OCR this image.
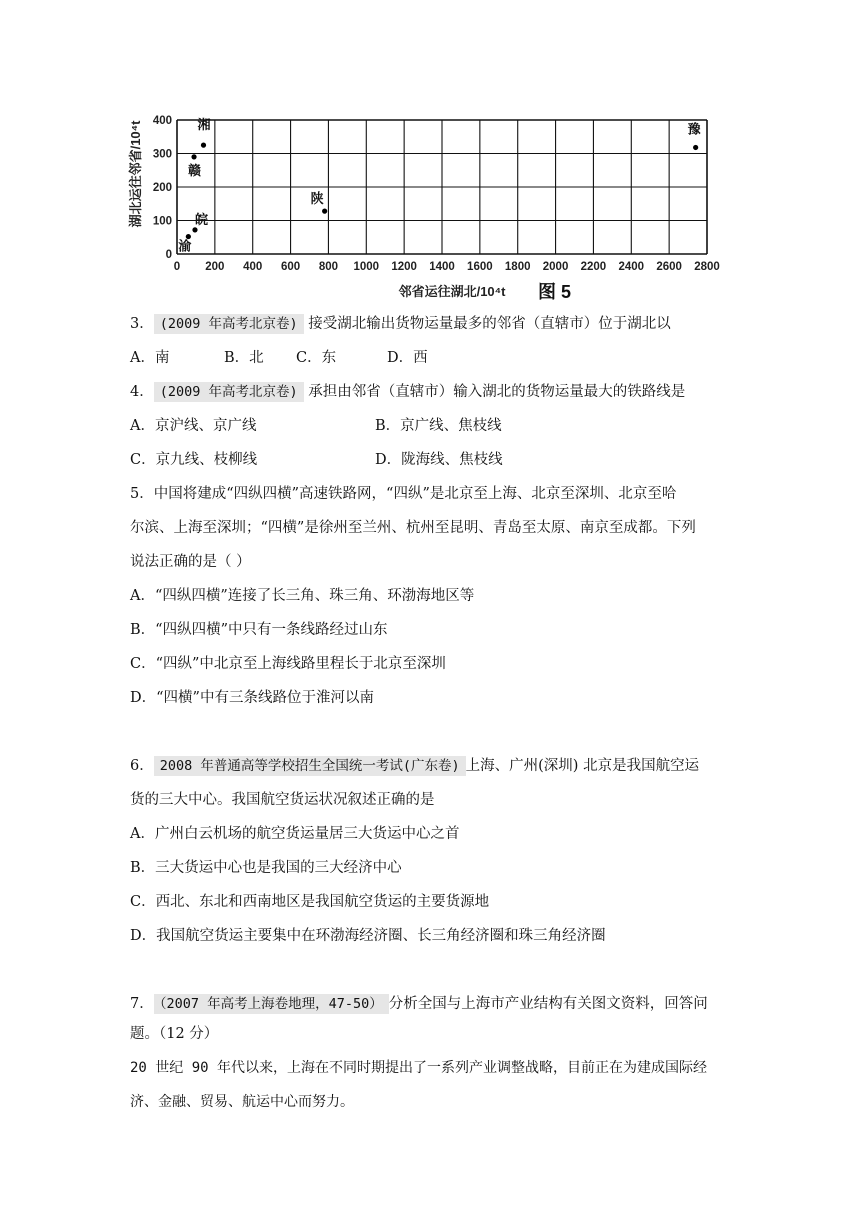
0 200 400 600 800 1000 1200 1400 1600 1800 2000 2200 2400 2600 2800
0
100
200
300
400 湘
赣
陕
皖
渝
豫
湖北运往邻省/10⁴t
邻省运往湖北/10⁴t 图 5
3． (2009 年高考北京卷) 接受湖北输出货物运量最多的邻省（直辖市）位于湖北以
A．南	B．北 C．东	D．西
4． (2009 年高考北京卷) 承担由邻省（直辖市）输入湖北的货物运量最大的铁路线是
A．京沪线、京广线	B．京广线、焦枝线
C．京九线、枝柳线	D．陇海线、焦枝线
5．中国将建成“四纵四横”高速铁路网，“四纵”是北京至上海、北京至深圳、北京至哈
尔滨、上海至深圳；“四横”是徐州至兰州、杭州至昆明、青岛至太原、南京至成都。下列
说法正确的是（ ）
A．“四纵四横”连接了长三角、珠三角、环渤海地区等
B．“四纵四横”中只有一条线路经过山东
C．“四纵”中北京至上海线路里程长于北京至深圳
D．“四横”中有三条线路位于淮河以南
6． 2008 年普通高等学校招生全国统一考试(广东卷) 上海、广州(深圳) 北京是我国航空运
货的三大中心。我国航空货运状况叙述正确的是
A．广州白云机场的航空货运量居三大货运中心之首
B．三大货运中心也是我国的三大经济中心
C．西北、东北和西南地区是我国航空货运的主要货源地
D．我国航空货运主要集中在环渤海经济圈、长三角经济圈和珠三角经济圈
7． （2007 年高考上海卷地理，47-50） 分析全国与上海市产业结构有关图文资料，回答问
题。（12 分）
20 世纪 90 年代以来，上海在不同时期提出了一系列产业调整战略，目前正在为建成国际经
济、金融、贸易、航运中心而努力。
